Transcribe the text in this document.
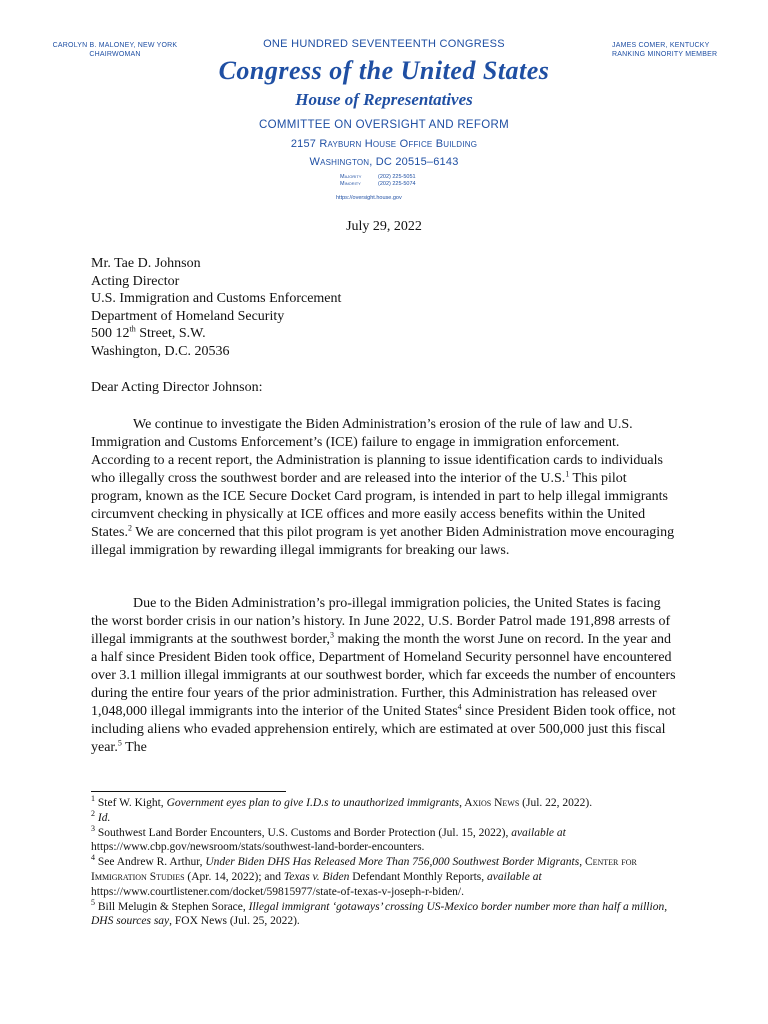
CAROLYN B. MALONEY, NEW YORK
CHAIRWOMAN
JAMES COMER, KENTUCKY
RANKING MINORITY MEMBER
ONE HUNDRED SEVENTEENTH CONGRESS
Congress of the United States
House of Representatives
COMMITTEE ON OVERSIGHT AND REFORM
2157 Rayburn House Office Building
Washington, DC 20515–6143
Majority	(202) 225-5051
Minority	(202) 225-5074
https://oversight.house.gov
July 29, 2022
Mr. Tae D. Johnson
Acting Director
U.S. Immigration and Customs Enforcement
Department of Homeland Security
500 12th Street, S.W.
Washington, D.C. 20536
Dear Acting Director Johnson:
We continue to investigate the Biden Administration’s erosion of the rule of law and U.S. Immigration and Customs Enforcement’s (ICE) failure to engage in immigration enforcement. According to a recent report, the Administration is planning to issue identification cards to individuals who illegally cross the southwest border and are released into the interior of the U.S.$^1$ This pilot program, known as the ICE Secure Docket Card program, is intended in part to help illegal immigrants circumvent checking in physically at ICE offices and more easily access benefits within the United States.$^2$ We are concerned that this pilot program is yet another Biden Administration move encouraging illegal immigration by rewarding illegal immigrants for breaking our laws.
Due to the Biden Administration’s pro-illegal immigration policies, the United States is facing the worst border crisis in our nation’s history. In June 2022, U.S. Border Patrol made 191,898 arrests of illegal immigrants at the southwest border,$^3$ making the month the worst June on record. In the year and a half since President Biden took office, Department of Homeland Security personnel have encountered over 3.1 million illegal immigrants at our southwest border, which far exceeds the number of encounters during the entire four years of the prior administration. Further, this Administration has released over 1,048,000 illegal immigrants into the interior of the United States$^4$ since President Biden took office, not including aliens who evaded apprehension entirely, which are estimated at over 500,000 just this fiscal year.$^5$ The
$^1$ Stef W. Kight, Government eyes plan to give I.D.s to unauthorized immigrants, Axios News (Jul. 22, 2022).
$^2$ Id.
$^3$ Southwest Land Border Encounters, U.S. Customs and Border Protection (Jul. 15, 2022), available at
https://www.cbp.gov/newsroom/stats/southwest-land-border-encounters.
$^4$ See Andrew R. Arthur, Under Biden DHS Has Released More Than 756,000 Southwest Border Migrants, Center for Immigration Studies (Apr. 14, 2022); and Texas v. Biden Defendant Monthly Reports, available at
https://www.courtlistener.com/docket/59815977/state-of-texas-v-joseph-r-biden/.
$^5$ Bill Melugin & Stephen Sorace, Illegal immigrant ‘gotaways’ crossing US-Mexico border number more than half a million, DHS sources say, FOX News (Jul. 25, 2022).
